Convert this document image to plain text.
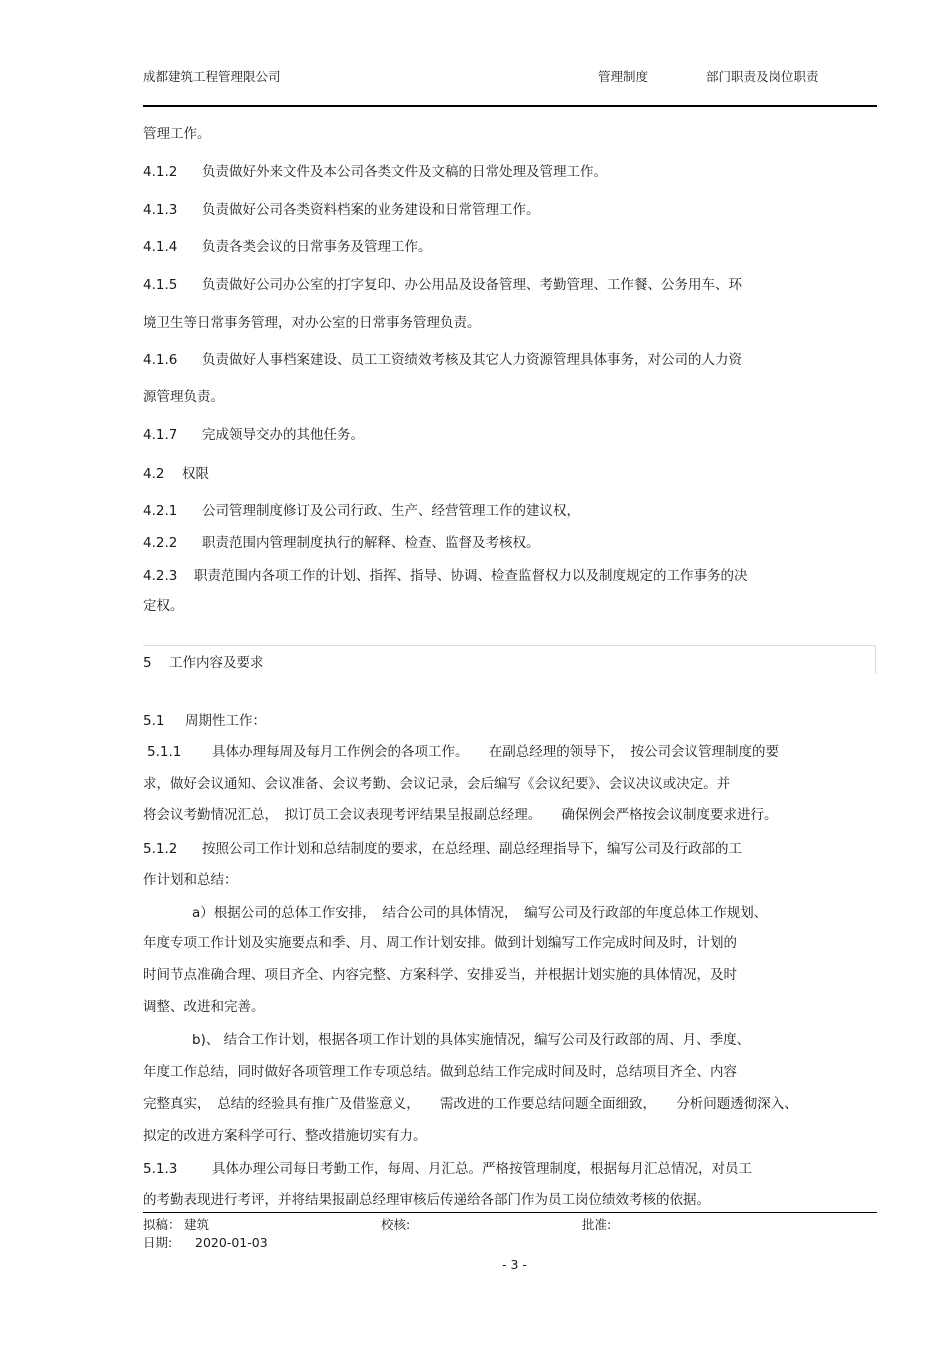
成都建筑工程管理限公司	管理制度	部门职责及岗位职责
管理工作。
4.1.2 负责做好外来文件及本公司各类文件及文稿的日常处理及管理工作。
4.1.3 负责做好公司各类资料档案的业务建设和日常管理工作。
4.1.4 负责各类会议的日常事务及管理工作。
4.1.5 负责做好公司办公室的打字复印、办公用品及设备管理、考勤管理、工作餐、公务用车、环
境卫生等日常事务管理，对办公室的日常事务管理负责。
4.1.6 负责做好人事档案建设、员工工资绩效考核及其它人力资源管理具体事务，对公司的人力资
源管理负责。
4.1.7 完成领导交办的其他任务。
4.2 权限
4.2.1 公司管理制度修订及公司行政、生产、经营管理工作的建议权，
4.2.2 职责范围内管理制度执行的解释、检查、监督及考核权。
4.2.3 职责范围内各项工作的计划、指挥、指导、协调、检查监督权力以及制度规定的工作事务的决
定权。
5 工作内容及要求
5.1 周期性工作：
5.1.1 具体办理每周及每月工作例会的各项工作。　　在副总经理的领导下，　按公司会议管理制度的要
求，做好会议通知、会议准备、会议考勤、会议记录，会后编写《会议纪要》、会议决议或决定。并
将会议考勤情况汇总，　拟订员工会议表现考评结果呈报副总经理。　　确保例会严格按会议制度要求进行。
5.1.2 按照公司工作计划和总结制度的要求，在总经理、副总经理指导下，编写公司及行政部的工
作计划和总结：
a）根据公司的总体工作安排，　结合公司的具体情况，　编写公司及行政部的年度总体工作规划、
年度专项工作计划及实施要点和季、月、周工作计划安排。做到计划编写工作完成时间及时，计划的
时间节点准确合理、项目齐全、内容完整、方案科学、安排妥当，并根据计划实施的具体情况，及时
调整、改进和完善。
b)、 结合工作计划，根据各项工作计划的具体实施情况，编写公司及行政部的周、月、季度、
年度工作总结，同时做好各项管理工作专项总结。做到总结工作完成时间及时，总结项目齐全、内容
完整真实，　总结的经验具有推广及借鉴意义，　　需改进的工作要总结问题全面细致，　　分析问题透彻深入、
拟定的改进方案科学可行、整改措施切实有力。
5.1.3	具体办理公司每日考勤工作，每周、月汇总。严格按管理制度，根据每月汇总情况，对员工
的考勤表现进行考评，并将结果报副总经理审核后传递给各部门作为员工岗位绩效考核的依据。
拟稿： 建筑	校核:	批准:
日期: 2020-01-03
- 3 -
